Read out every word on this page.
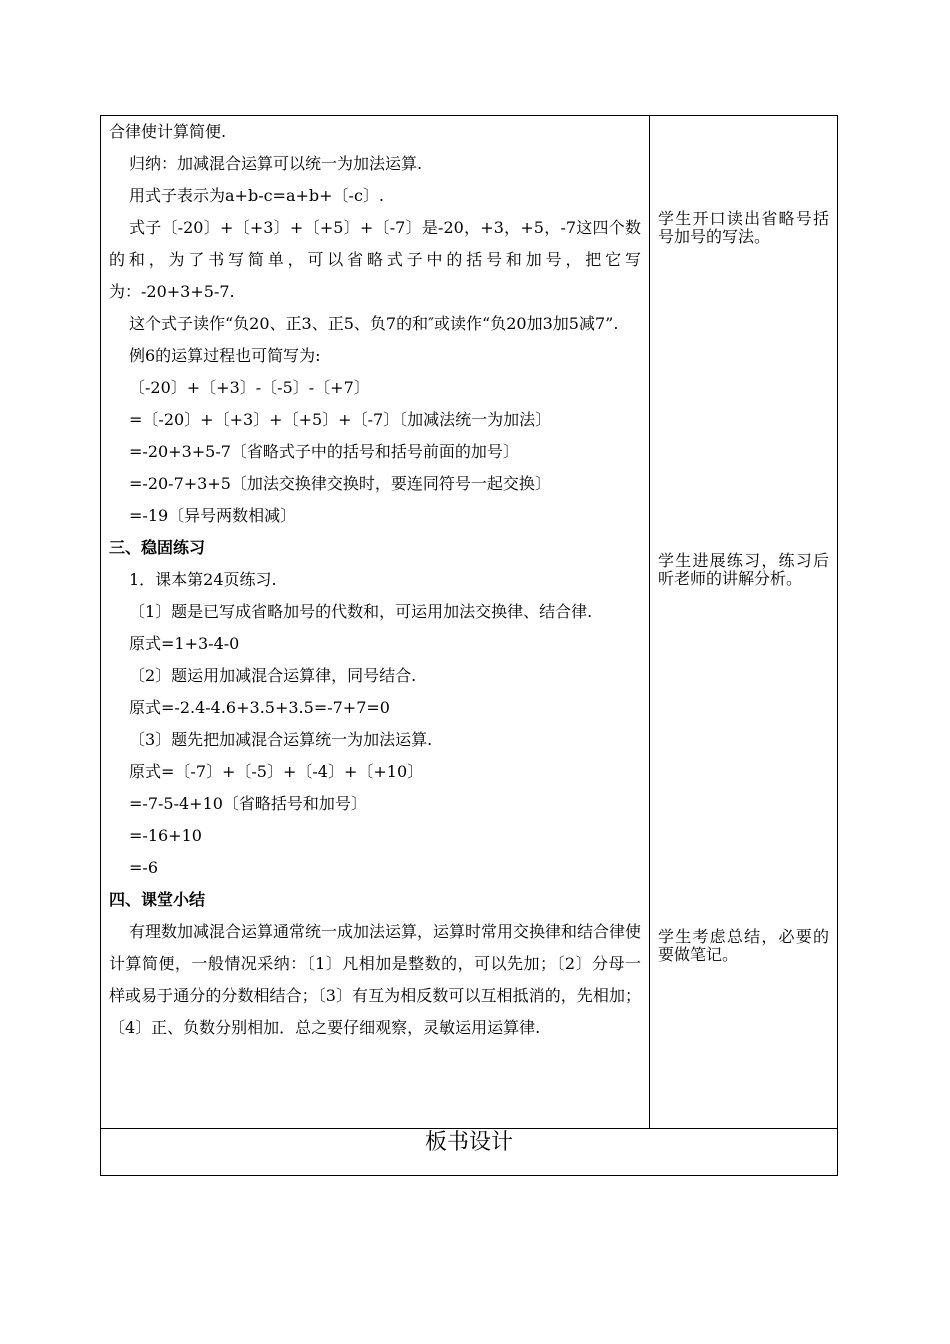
合律使计算简便.
归纳：加减混合运算可以统一为加法运算.
用式子表示为a+b-c=a+b+〔-c〕.
式子〔-20〕+〔+3〕+〔+5〕+〔-7〕是-20，+3，+5，-7这四个数的和，为了书写简单，可以省略式子中的括号和加号，把它写为：-20+3+5-7.
这个式子读作“负20、正3、正5、负7的和″或读作“负20加3加5减7”.
例6的运算过程也可简写为:
〔-20〕+〔+3〕-〔-5〕-〔+7〕
=〔-20〕+〔+3〕+〔+5〕+〔-7〕〔加减法统一为加法〕
=-20+3+5-7〔省略式子中的括号和括号前面的加号〕
=-20-7+3+5〔加法交换律交换时，要连同符号一起交换〕
=-19〔异号两数相减〕
三、稳固练习
1．课本第24页练习.
〔1〕题是已写成省略加号的代数和，可运用加法交换律、结合律.
原式=1+3-4-0
〔2〕题运用加减混合运算律，同号结合.
原式=-2.4-4.6+3.5+3.5=-7+7=0
〔3〕题先把加减混合运算统一为加法运算.
原式=〔-7〕+〔-5〕+〔-4〕+〔+10〕
=-7-5-4+10〔省略括号和加号〕
=-16+10
=-6
四、课堂小结
有理数加减混合运算通常统一成加法运算，运算时常用交换律和结合律使计算简便，一般情况采纳：〔1〕凡相加是整数的，可以先加；〔2〕分母一样或易于通分的分数相结合；〔3〕有互为相反数可以互相抵消的，先相加；〔4〕正、负数分别相加．总之要仔细观察，灵敏运用运算律.

学生开口读出省略号括号加号的写法。
学生进展练习，练习后听老师的讲解分析。
学生考虑总结，必要的要做笔记。

板书设计
